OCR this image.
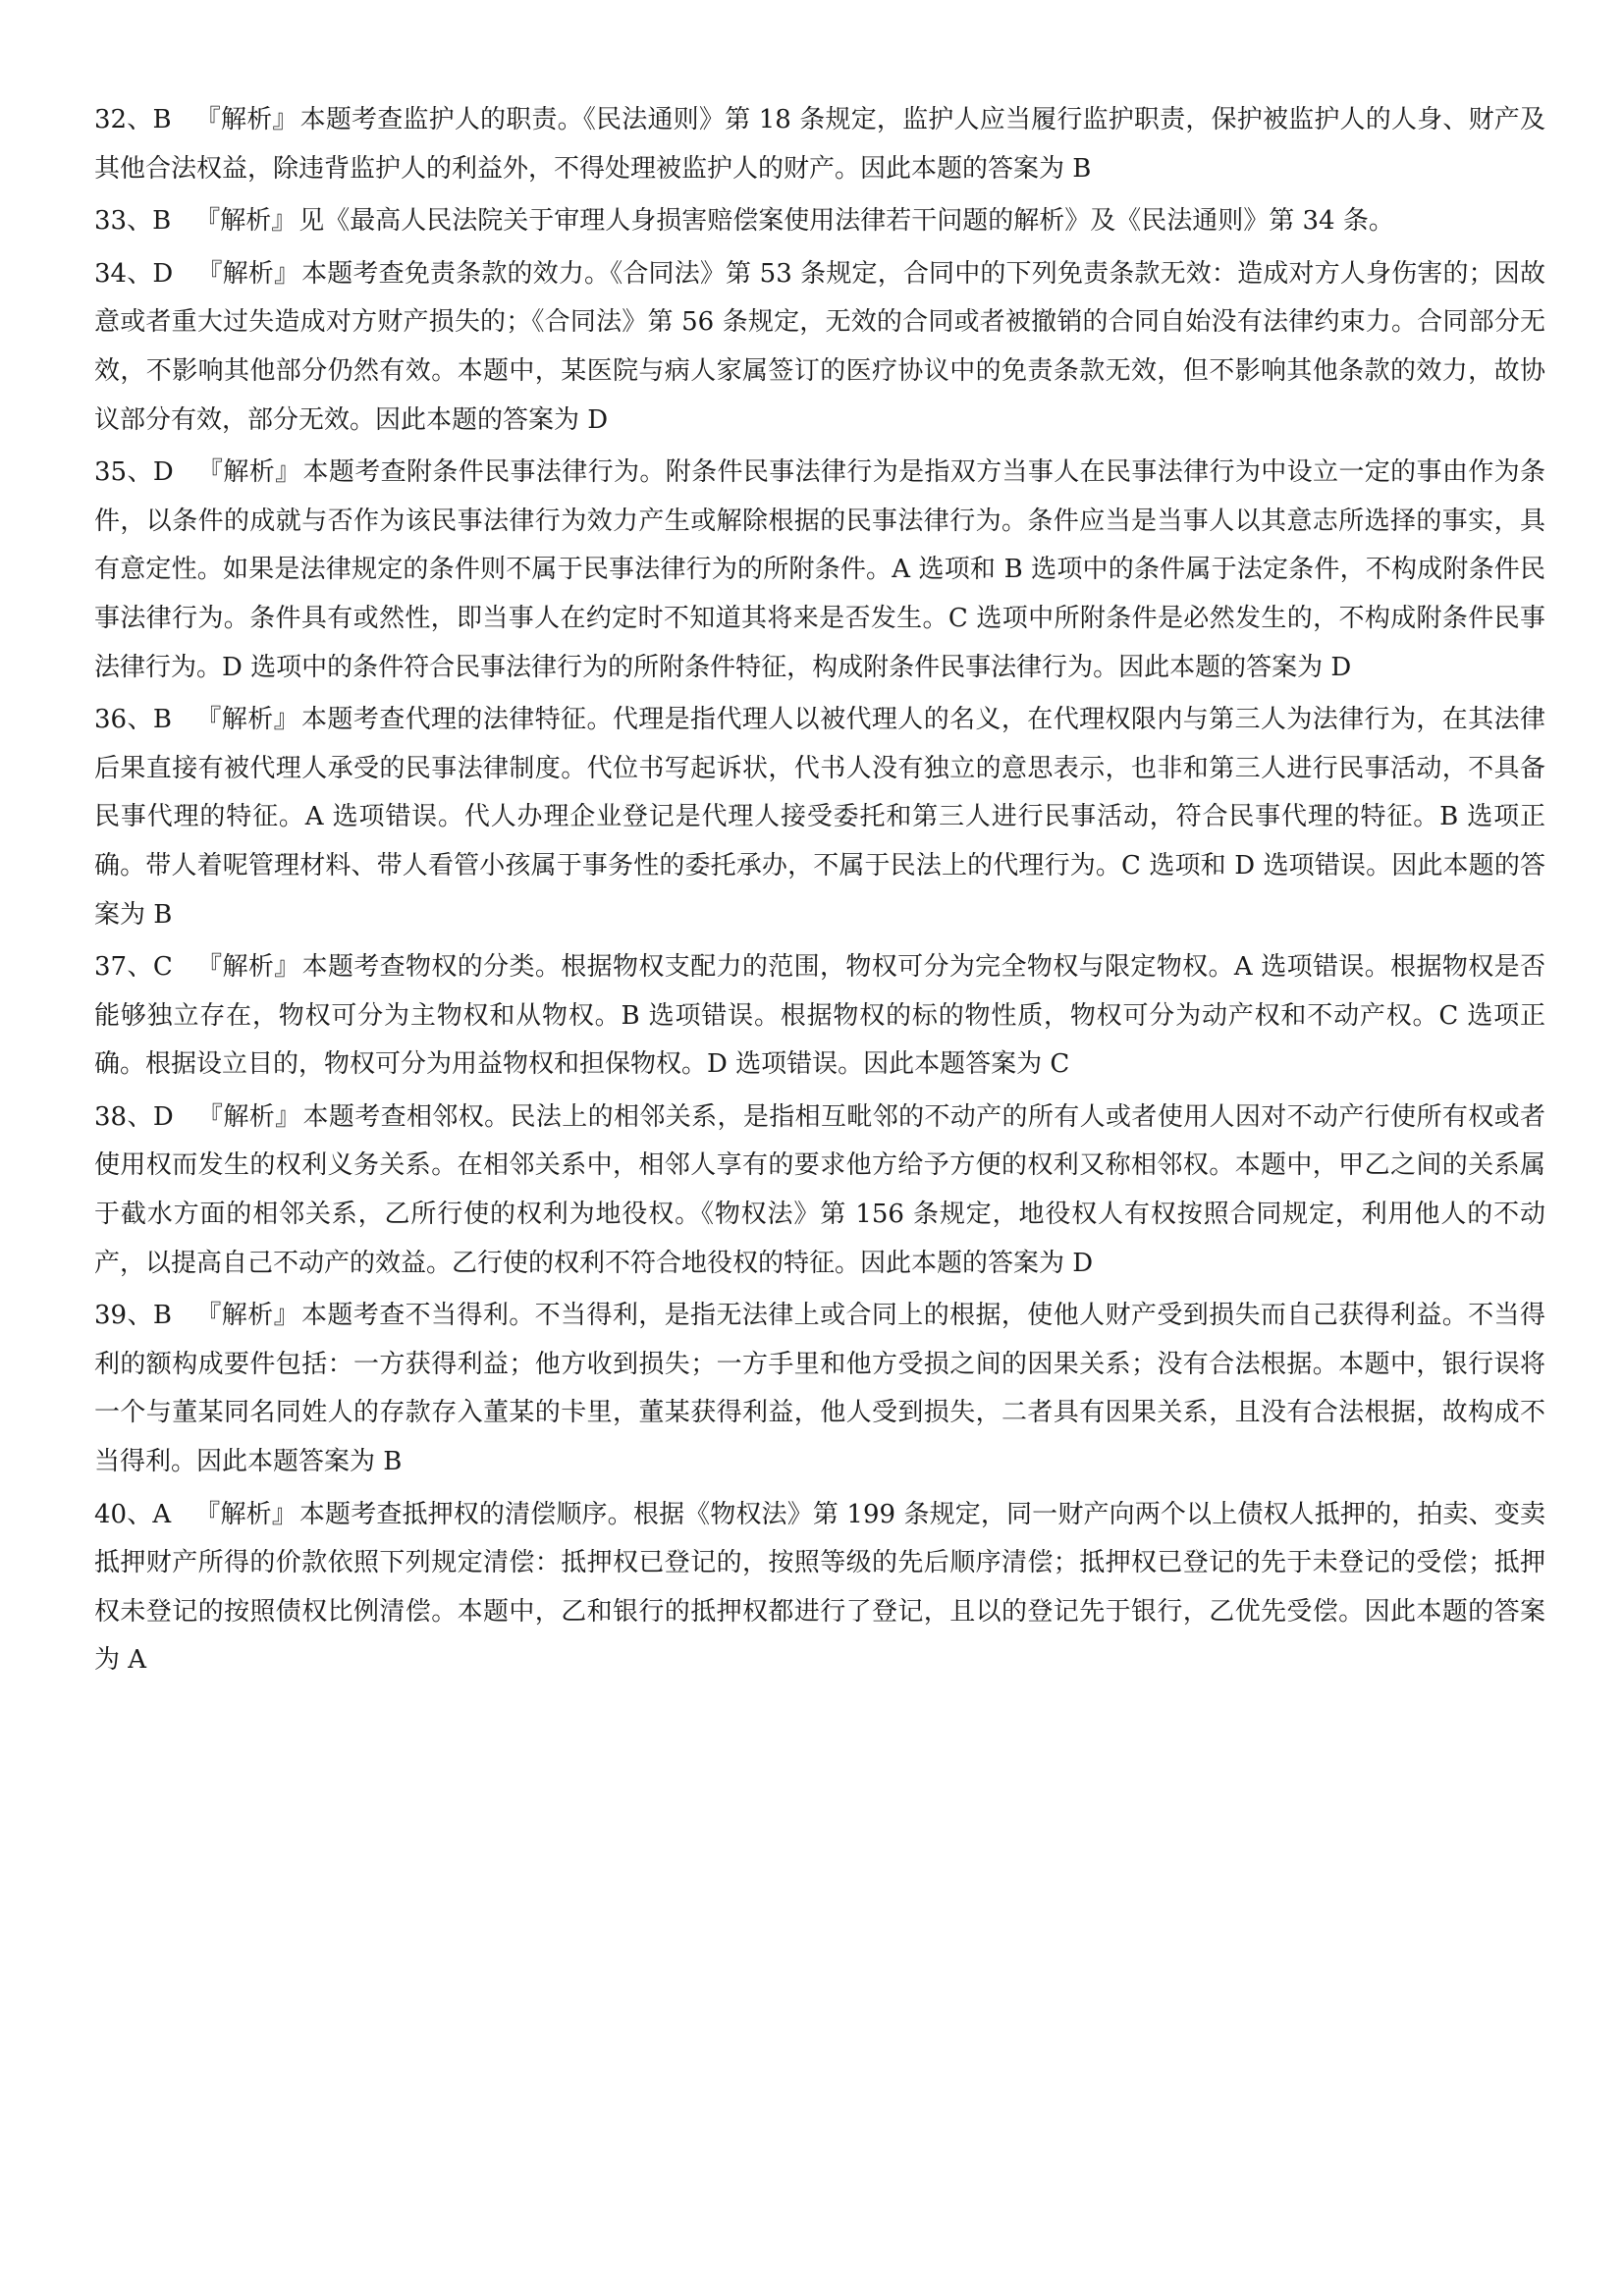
32、B 『解析』本题考查监护人的职责。《民法通则》第 18 条规定，监护人应当履行监护职责，保护被监护人的人身、财产及其他合法权益，除违背监护人的利益外，不得处理被监护人的财产。因此本题的答案为 B

33、B 『解析』见《最高人民法院关于审理人身损害赔偿案使用法律若干问题的解析》及《民法通则》第 34 条。

34、D 『解析』本题考查免责条款的效力。《合同法》第 53 条规定，合同中的下列免责条款无效：造成对方人身伤害的；因故意或者重大过失造成对方财产损失的；《合同法》第 56 条规定，无效的合同或者被撤销的合同自始没有法律约束力。合同部分无效，不影响其他部分仍然有效。本题中，某医院与病人家属签订的医疗协议中的免责条款无效，但不影响其他条款的效力，故协议部分有效，部分无效。因此本题的答案为 D

35、D 『解析』本题考查附条件民事法律行为。附条件民事法律行为是指双方当事人在民事法律行为中设立一定的事由作为条件，以条件的成就与否作为该民事法律行为效力产生或解除根据的民事法律行为。条件应当是当事人以其意志所选择的事实，具有意定性。如果是法律规定的条件则不属于民事法律行为的所附条件。A 选项和 B 选项中的条件属于法定条件，不构成附条件民事法律行为。条件具有或然性，即当事人在约定时不知道其将来是否发生。C 选项中所附条件是必然发生的，不构成附条件民事法律行为。D 选项中的条件符合民事法律行为的所附条件特征，构成附条件民事法律行为。因此本题的答案为 D

36、B 『解析』本题考查代理的法律特征。代理是指代理人以被代理人的名义，在代理权限内与第三人为法律行为，在其法律后果直接有被代理人承受的民事法律制度。代位书写起诉状，代书人没有独立的意思表示，也非和第三人进行民事活动，不具备民事代理的特征。A 选项错误。代人办理企业登记是代理人接受委托和第三人进行民事活动，符合民事代理的特征。B 选项正确。带人着呢管理材料、带人看管小孩属于事务性的委托承办，不属于民法上的代理行为。C 选项和 D 选项错误。因此本题的答案为 B

37、C 『解析』本题考查物权的分类。根据物权支配力的范围，物权可分为完全物权与限定物权。A 选项错误。根据物权是否能够独立存在，物权可分为主物权和从物权。B 选项错误。根据物权的标的物性质，物权可分为动产权和不动产权。C 选项正确。根据设立目的，物权可分为用益物权和担保物权。D 选项错误。因此本题答案为 C

38、D 『解析』本题考查相邻权。民法上的相邻关系，是指相互毗邻的不动产的所有人或者使用人因对不动产行使所有权或者使用权而发生的权利义务关系。在相邻关系中，相邻人享有的要求他方给予方便的权利又称相邻权。本题中，甲乙之间的关系属于截水方面的相邻关系，乙所行使的权利为地役权。《物权法》第 156 条规定，地役权人有权按照合同规定，利用他人的不动产，以提高自己不动产的效益。乙行使的权利不符合地役权的特征。因此本题的答案为 D

39、B 『解析』本题考查不当得利。不当得利，是指无法律上或合同上的根据，使他人财产受到损失而自己获得利益。不当得利的额构成要件包括：一方获得利益；他方收到损失；一方手里和他方受损之间的因果关系；没有合法根据。本题中，银行误将一个与董某同名同姓人的存款存入董某的卡里，董某获得利益，他人受到损失，二者具有因果关系，且没有合法根据，故构成不当得利。因此本题答案为 B

40、A 『解析』本题考查抵押权的清偿顺序。根据《物权法》第 199 条规定，同一财产向两个以上债权人抵押的，拍卖、变卖抵押财产所得的价款依照下列规定清偿：抵押权已登记的，按照等级的先后顺序清偿；抵押权已登记的先于未登记的受偿；抵押权未登记的按照债权比例清偿。本题中，乙和银行的抵押权都进行了登记，且以的登记先于银行，乙优先受偿。因此本题的答案为 A
